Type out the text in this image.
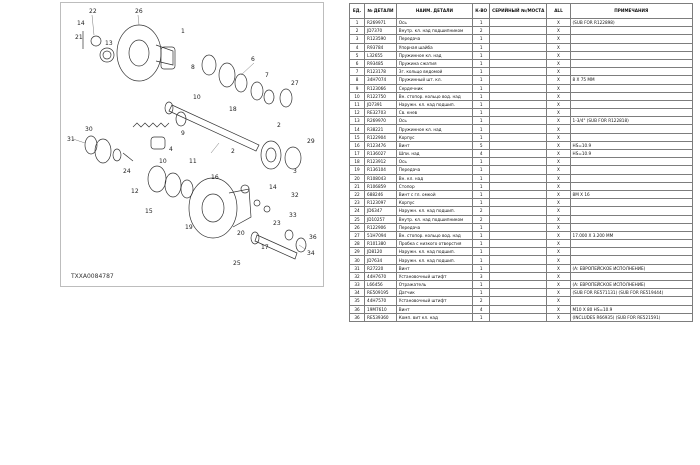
22	26
14
21
13
1
6
7
27
8
10
18
2
29
31
30
9
10
24
2
3
11
12
16
14
32
33
23
17
34
36
25
19
20
15
4
TXXA0084787
ЕД.	№ ДЕТАЛИ	НАИМ. ДЕТАЛИ	К-ВО	СЕРИЙНЫЙ №/МОСТА	ALL	ПРИМЕЧАНИЯ
1	R269971	Ось	1		X	(SUB FOR R122898)
2	JD7370	Внутр. кл. над подшипником	2		X	
3	R123590	Передача	1		X	
4	R93784	Упорная шайба	1		X	
5	L32655	Пружинное кл. над	1		X	
6	R93485	Пружина сжатия	1		X	
7	R123178	Зг. кольцо ведомой	1		X	
8	34H7074	Пружинный шт. кл.	1		X	8 X 75 MM
9	R123066	Сердечник	1		X	
10	R122750	Вн. стопор. кольцо вод. над	1		X	
11	JD7391	Наружн. кл. над подшип.	1		X	
12	RE32703	Св. кнев	1		X	
13	R269970	Ось	1		X	1-3/4" (SUB FOR R122818)
14	R38221	Пружинное кл. над	1		X	
15	R122904	Корпус	1		X	
16	R123476	Винт	5		X	HS=10.9
17	R136027	Шпи. над	4		X	HS=10.9
18	R123912	Ось	1		X	
19	R136104	Передача	1		X	
20	R108043	Вн. кл. над	1		X	
21	R106859	Стопор	1		X	
22	688246	Винт с гл. омкой	1		X	8M X 16
23	R123097	Корпус	1		X	
24	JD6347	Наружн. кл. над подшип.	2		X	
25	JD10257	Внутр. кл. над подшипником	2		X	
26	R122906	Передача	1		X	
27	51H7094	Вн. стопор. кольцо вод. над	1		X	17.000 X 3.200 MM
28	R101380	Пробка с низкого отверстия	1		X	
29	JD8120	Наружн. кл. над подшип.	1		X	
30	JD7634	Наружн. кл. над подшип.	1		X	
31	R27220	Винт	1		X	(А: ЕВРОПЕЙСКОЕ ИСПОЛНЕНИЕ)
32	44H7670	Установочный штифт	3		X	
33	L66456	Отражатель	1		X	(А: ЕВРОПЕЙСКОЕ ИСПОЛНЕНИЕ)
34	RE509195	Датчик	1		X	(SUB FOR RE571131) (SUB FOR RE519444)
35	44H7570	Установочный штифт	2		X	
36	19M7610	Винт	4		X	M10 X 80 HS=10.9
36	RE539360	Комп. вит кл. над	1		X	(INCLUDES R66935) (SUB FOR RE521591)
